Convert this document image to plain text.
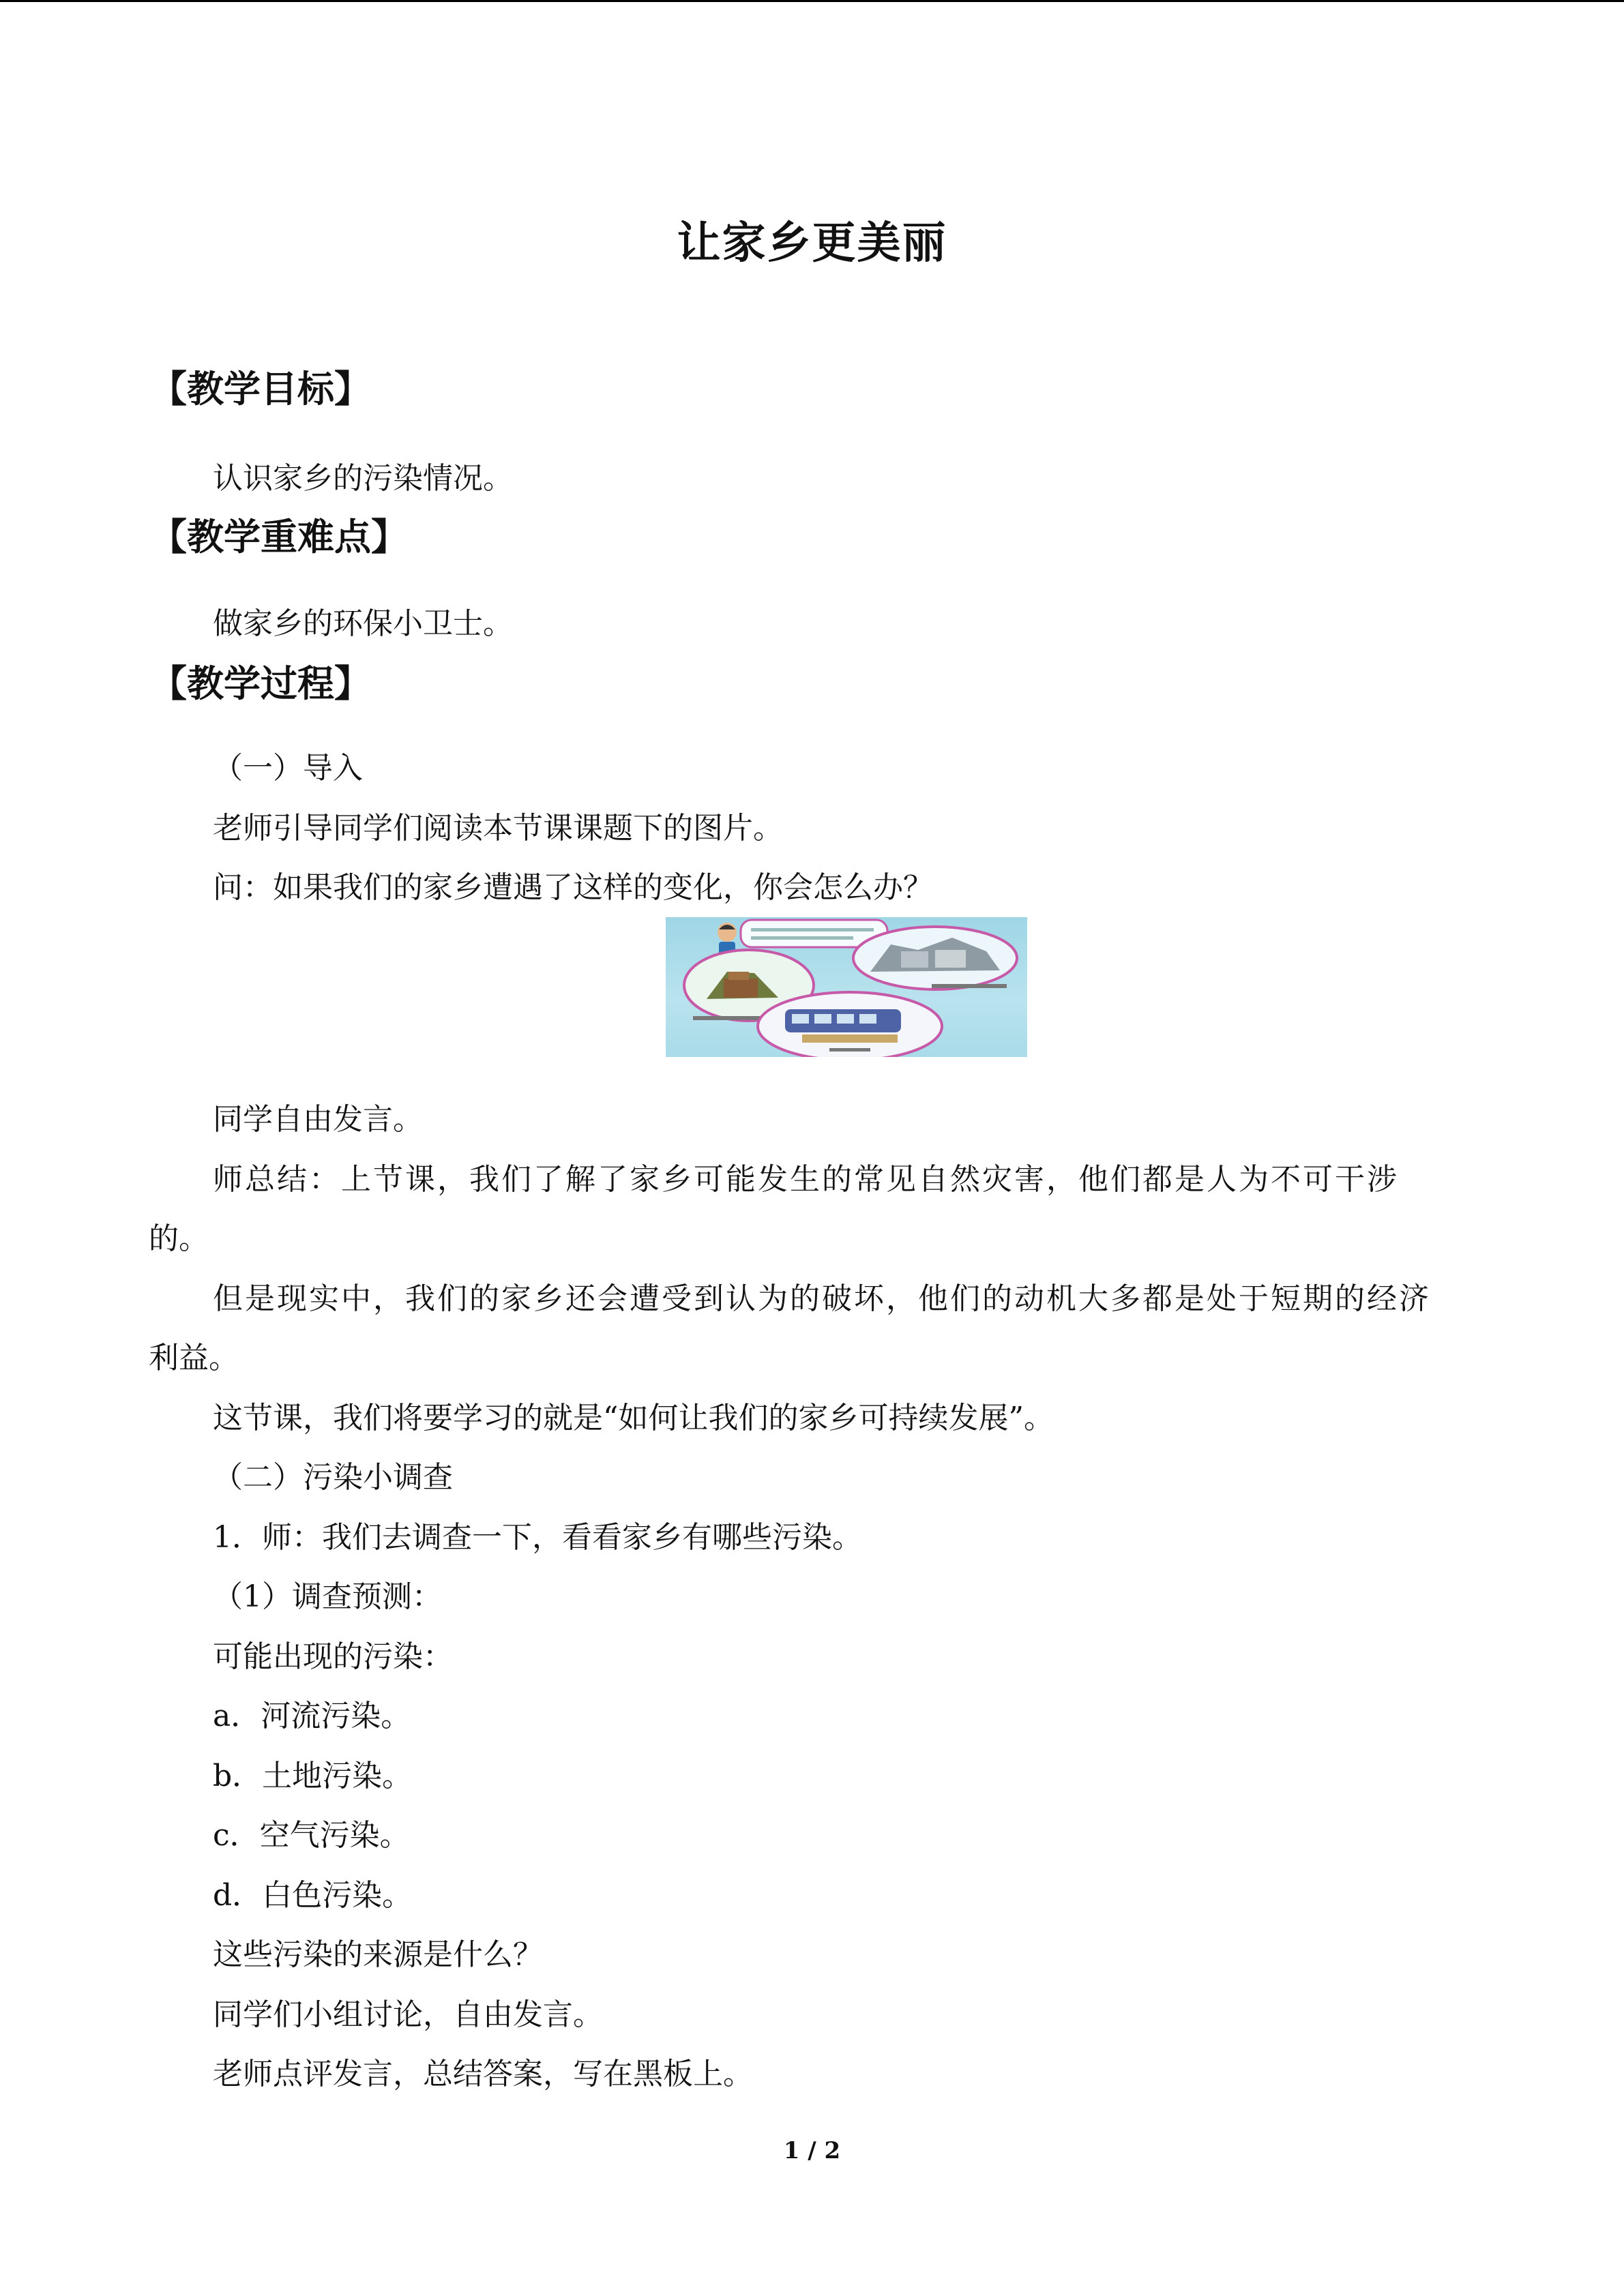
让家乡更美丽
【教学目标】
认识家乡的污染情况。
【教学重难点】
做家乡的环保小卫士。
【教学过程】
（一）导入
老师引导同学们阅读本节课课题下的图片。
问：如果我们的家乡遭遇了这样的变化，你会怎么办？
同学自由发言。
师总结：上节课，我们了解了家乡可能发生的常见自然灾害，他们都是人为不可干涉
的。
但是现实中，我们的家乡还会遭受到认为的破坏，他们的动机大多都是处于短期的经济
利益。
这节课，我们将要学习的就是“如何让我们的家乡可持续发展”。
（二）污染小调查
1．师：我们去调查一下，看看家乡有哪些污染。
（1）调查预测：
可能出现的污染：
a．河流污染。
b．土地污染。
c．空气污染。
d．白色污染。
这些污染的来源是什么？
同学们小组讨论，自由发言。
老师点评发言，总结答案，写在黑板上。
1 / 2
